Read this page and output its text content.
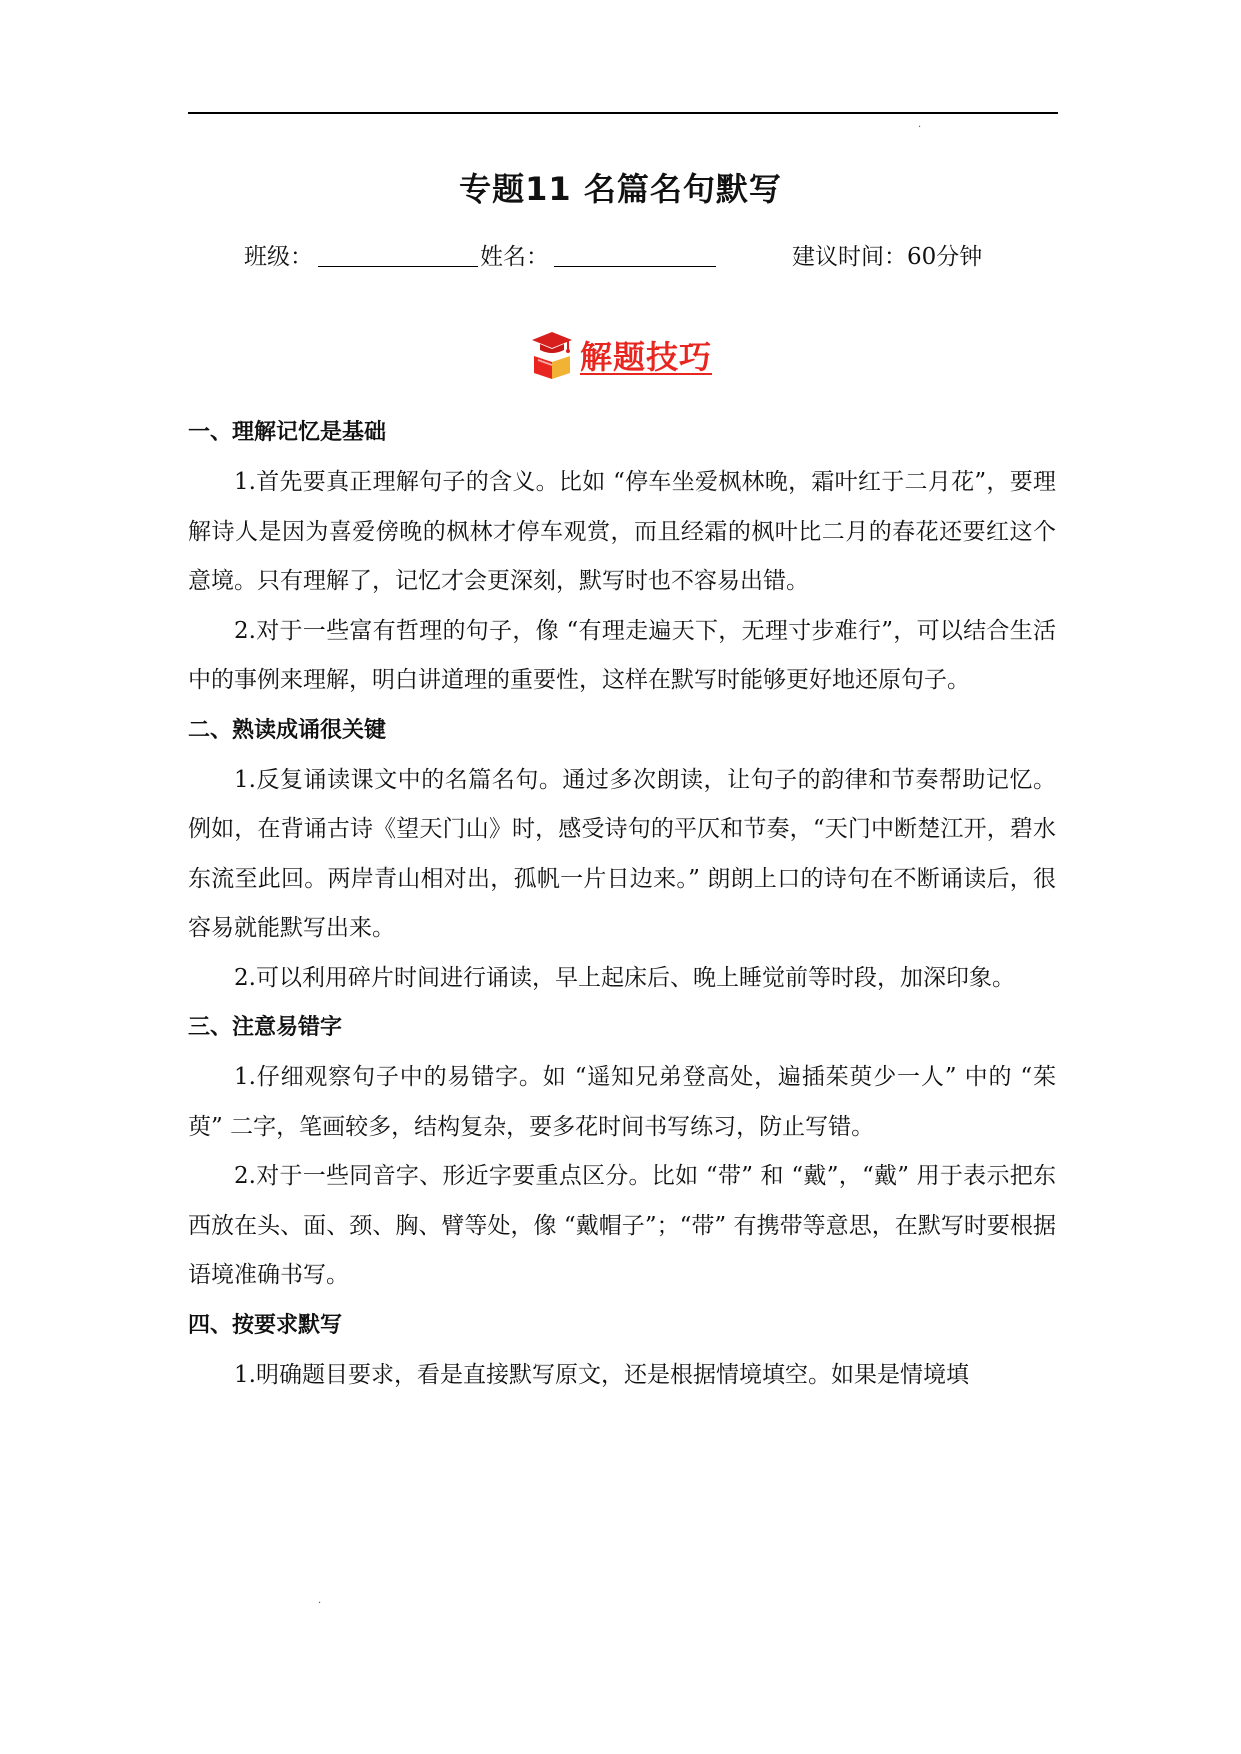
·
专题11 名篇名句默写
班级：	姓名：	建议时间：60分钟
解题技巧
一、理解记忆是基础

1.首先要真正理解句子的含义。比如 “停车坐爱枫林晚，霜叶红于二月花”，要理解诗人是因为喜爱傍晚的枫林才停车观赏，而且经霜的枫叶比二月的春花还要红这个意境。只有理解了，记忆才会更深刻，默写时也不容易出错。

2.对于一些富有哲理的句子，像 “有理走遍天下，无理寸步难行”，可以结合生活中的事例来理解，明白讲道理的重要性，这样在默写时能够更好地还原句子。

二、熟读成诵很关键

1.反复诵读课文中的名篇名句。通过多次朗读，让句子的韵律和节奏帮助记忆。例如，在背诵古诗《望天门山》时，感受诗句的平仄和节奏，“天门中断楚江开，碧水东流至此回。两岸青山相对出，孤帆一片日边来。” 朗朗上口的诗句在不断诵读后，很容易就能默写出来。

2.可以利用碎片时间进行诵读，早上起床后、晚上睡觉前等时段，加深印象。

三、注意易错字

1.仔细观察句子中的易错字。如 “遥知兄弟登高处，遍插茱萸少一人” 中的 “茱萸” 二字，笔画较多，结构复杂，要多花时间书写练习，防止写错。

2.对于一些同音字、形近字要重点区分。比如 “带” 和 “戴”，“戴” 用于表示把东西放在头、面、颈、胸、臂等处，像 “戴帽子”；“带” 有携带等意思，在默写时要根据语境准确书写。

四、按要求默写

1.明确题目要求，看是直接默写原文，还是根据情境填空。如果是情境填

·
